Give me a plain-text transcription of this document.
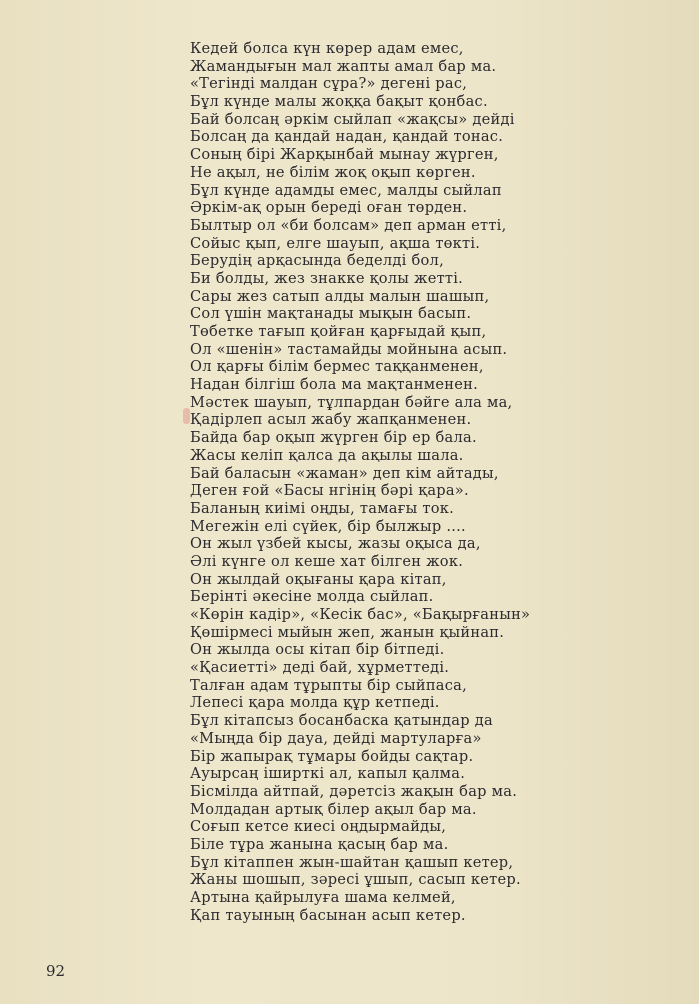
Кедей болса күн көрер адам емес,
Жамандығын мал жапты амал бар ма.
«Тегіндi малдан сұра?» дегенi рас,
Бұл күнде малы жоққа бақыт қонбас.
Бай болсаң әркім сыйлап «жақсы» дейді
Болсаң да қандай надан, қандай тонас.
Соның бірі Жарқынбай мынау жүрген,
Не ақыл, не білім жоқ оқып көрген.
Бұл күнде адамды емес, малды сыйлап
Әркім-ақ орын береді оған төрден.
Былтыр ол «би болсам» деп арман етті,
Сойыс қып, елге шауып, ақша төкті.
Берудің арқасында беделді бол,
Би болды, жез знакке қолы жетті.
Сары жез сатып алды малын шашып,
Сол үшін мақтанады мықын басып.
Төбетке тағып қойған қарғыдай қып,
Ол «шенін» тастамайды мойнына асып.
Ол қарғы білім бермес таққанменен,
Надан білгіш бола ма мақтанменен.
Мәстек шауып, тұлпардан бәйге ала ма,
Қадірлеп асыл жабу жапқанменен.
Байда бар оқып жүрген бір ер бала.
Жасы келіп қалса да ақылы шала.
Бай баласын «жаман» деп кім айтады,
Деген ғой «Басы нгінің бәрі қара».
Баланың киімі оңды, тамағы ток.
Мегежін елі сүйек, бір былжыр ....
Он жыл үзбей кысы, жазы оқыса да,
Әлі күнге ол кеше хат білген жок.
Он жылдай оқығаны қара кітап,
Берінті әкесіне молда сыйлап.
«Көрін кадір», «Кесік бас», «Бақырғанын»
Қөшірмесі мыйын жеп, жанын қыйнап.
Он жылда осы кітап бір бітпеді.
«Қасиетті» деді бай, хұрметтеді.
Талған адам тұрыпты бір сыйпаса,
Лепесі қара молда құр кетпеді.
Бұл кітапсыз босанбаска қатындар да
«Мыңда бір дауа, дейді мартуларға»
Бір жапырақ тұмары бойды сақтар.
Ауырсаң іширткі ал, капыл қалма.
Бісмілда айтпай, дәретсіз жақын бар ма.
Молдадан артық білер ақыл бар ма.
Соғып кетсе киесі оңдырмайды,
Біле тұра жанына қасың бар ма.
Бұл кітаппен жын-шайтан қашып кетер,
Жаны шошып, зәресі ұшып, сасып кетер.
Артына қайрылуға шама келмей,
Қап тауының басынан асып кетер.
92
